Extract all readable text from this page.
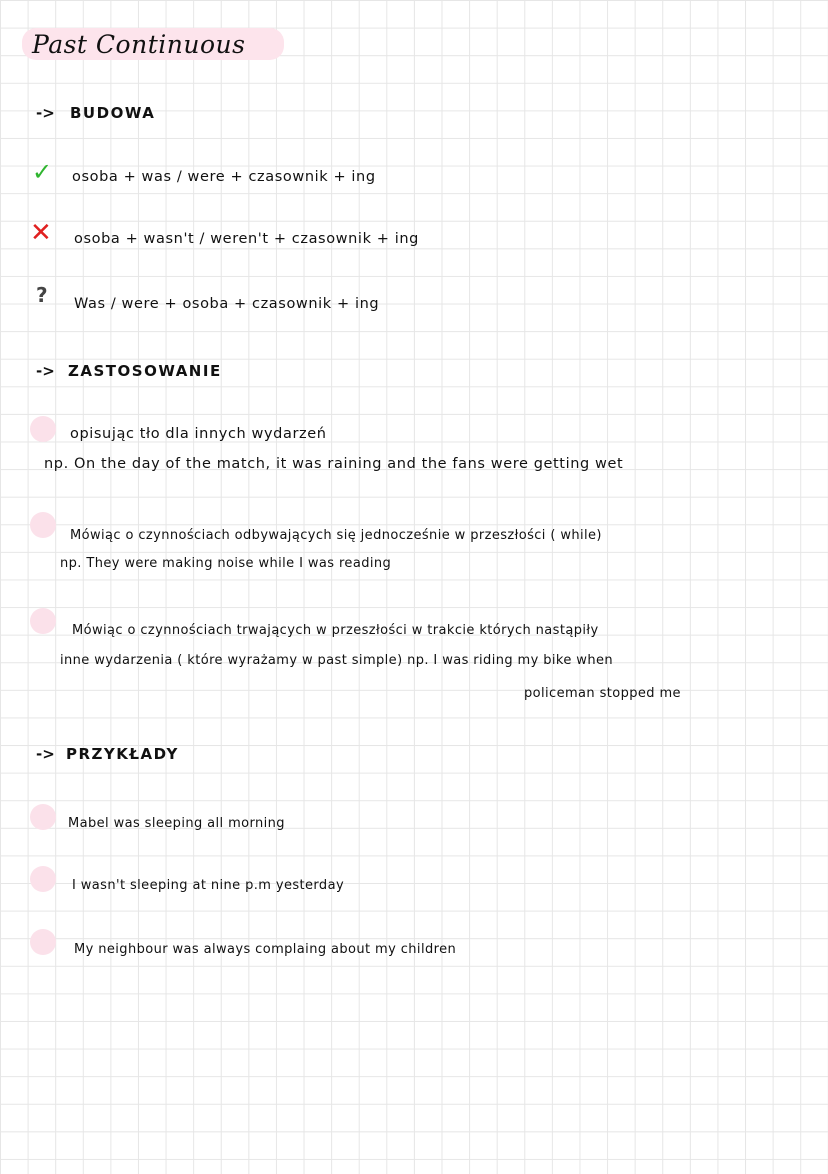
Past Continuous
-> BUDOWA
✓ osoba + was / were + czasownik + ing
✕ osoba + wasn't / weren't + czasownik + ing
? Was / were + osoba + czasownik + ing
-> ZASTOSOWANIE
opisując tło dla innych wydarzeń
np. On the day of the match, it was raining and the fans were getting wet
Mówiąc o czynnościach odbywających się jednocześnie w przeszłości ( while)
np. They were making noise while I was reading
Mówiąc o czynnościach trwających w przeszłości w trakcie których nastąpiły
inne wydarzenia ( które wyrażamy w past simple) np. I was riding my bike when
policeman stopped me
-> PRZYKŁADY
Mabel was sleeping all morning
I wasn't sleeping at nine p.m yesterday
My neighbour was always complaing about my children
